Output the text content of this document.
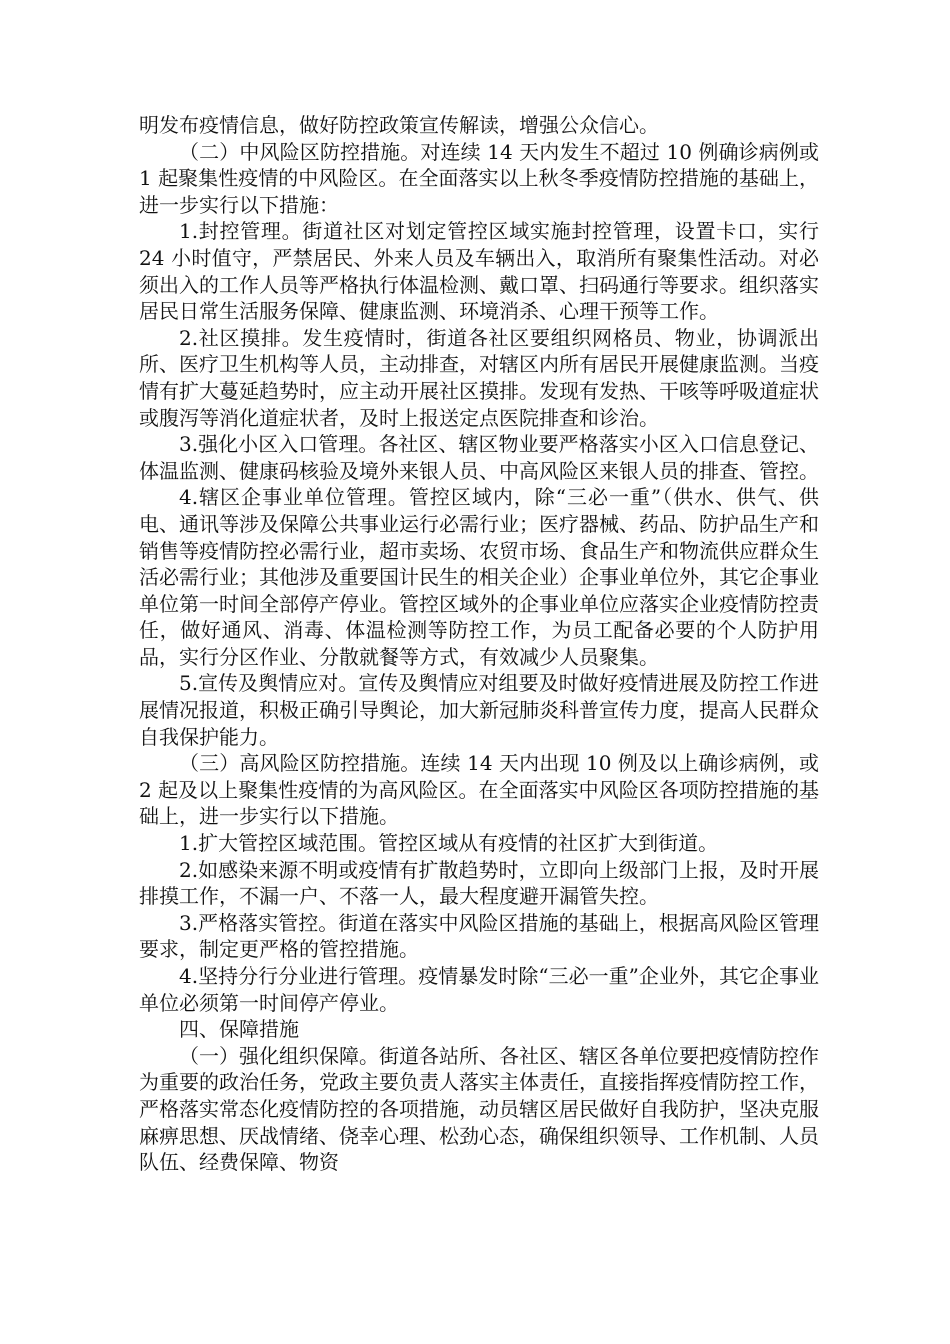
明发布疫情信息，做好防控政策宣传解读，增强公众信心。

（二）中风险区防控措施。对连续 14 天内发生不超过 10 例确诊病例或 1 起聚集性疫情的中风险区。在全面落实以上秋冬季疫情防控措施的基础上，进一步实行以下措施：

1.封控管理。街道社区对划定管控区域实施封控管理，设置卡口，实行 24 小时值守，严禁居民、外来人员及车辆出入，取消所有聚集性活动。对必须出入的工作人员等严格执行体温检测、戴口罩、扫码通行等要求。组织落实居民日常生活服务保障、健康监测、环境消杀、心理干预等工作。

2.社区摸排。发生疫情时，街道各社区要组织网格员、物业，协调派出所、医疗卫生机构等人员，主动排查，对辖区内所有居民开展健康监测。当疫情有扩大蔓延趋势时，应主动开展社区摸排。发现有发热、干咳等呼吸道症状或腹泻等消化道症状者，及时上报送定点医院排查和诊治。

3.强化小区入口管理。各社区、辖区物业要严格落实小区入口信息登记、体温监测、健康码核验及境外来银人员、中高风险区来银人员的排查、管控。

4.辖区企事业单位管理。管控区域内，除“三必一重”（供水、供气、供电、通讯等涉及保障公共事业运行必需行业；医疗器械、药品、防护品生产和销售等疫情防控必需行业，超市卖场、农贸市场、食品生产和物流供应群众生活必需行业；其他涉及重要国计民生的相关企业）企事业单位外，其它企事业单位第一时间全部停产停业。管控区域外的企事业单位应落实企业疫情防控责任，做好通风、消毒、体温检测等防控工作，为员工配备必要的个人防护用品，实行分区作业、分散就餐等方式，有效减少人员聚集。

5.宣传及舆情应对。宣传及舆情应对组要及时做好疫情进展及防控工作进展情况报道，积极正确引导舆论，加大新冠肺炎科普宣传力度，提高人民群众自我保护能力。

（三）高风险区防控措施。连续 14 天内出现 10 例及以上确诊病例，或 2 起及以上聚集性疫情的为高风险区。在全面落实中风险区各项防控措施的基础上，进一步实行以下措施。

1.扩大管控区域范围。管控区域从有疫情的社区扩大到街道。

2.如感染来源不明或疫情有扩散趋势时，立即向上级部门上报，及时开展排摸工作，不漏一户、不落一人，最大程度避开漏管失控。

3.严格落实管控。街道在落实中风险区措施的基础上，根据高风险区管理要求，制定更严格的管控措施。

4.坚持分行分业进行管理。疫情暴发时除“三必一重”企业外，其它企事业单位必须第一时间停产停业。

四、保障措施

（一）强化组织保障。街道各站所、各社区、辖区各单位要把疫情防控作为重要的政治任务，党政主要负责人落实主体责任，直接指挥疫情防控工作，严格落实常态化疫情防控的各项措施，动员辖区居民做好自我防护，坚决克服麻痹思想、厌战情绪、侥幸心理、松劲心态，确保组织领导、工作机制、人员队伍、经费保障、物资
